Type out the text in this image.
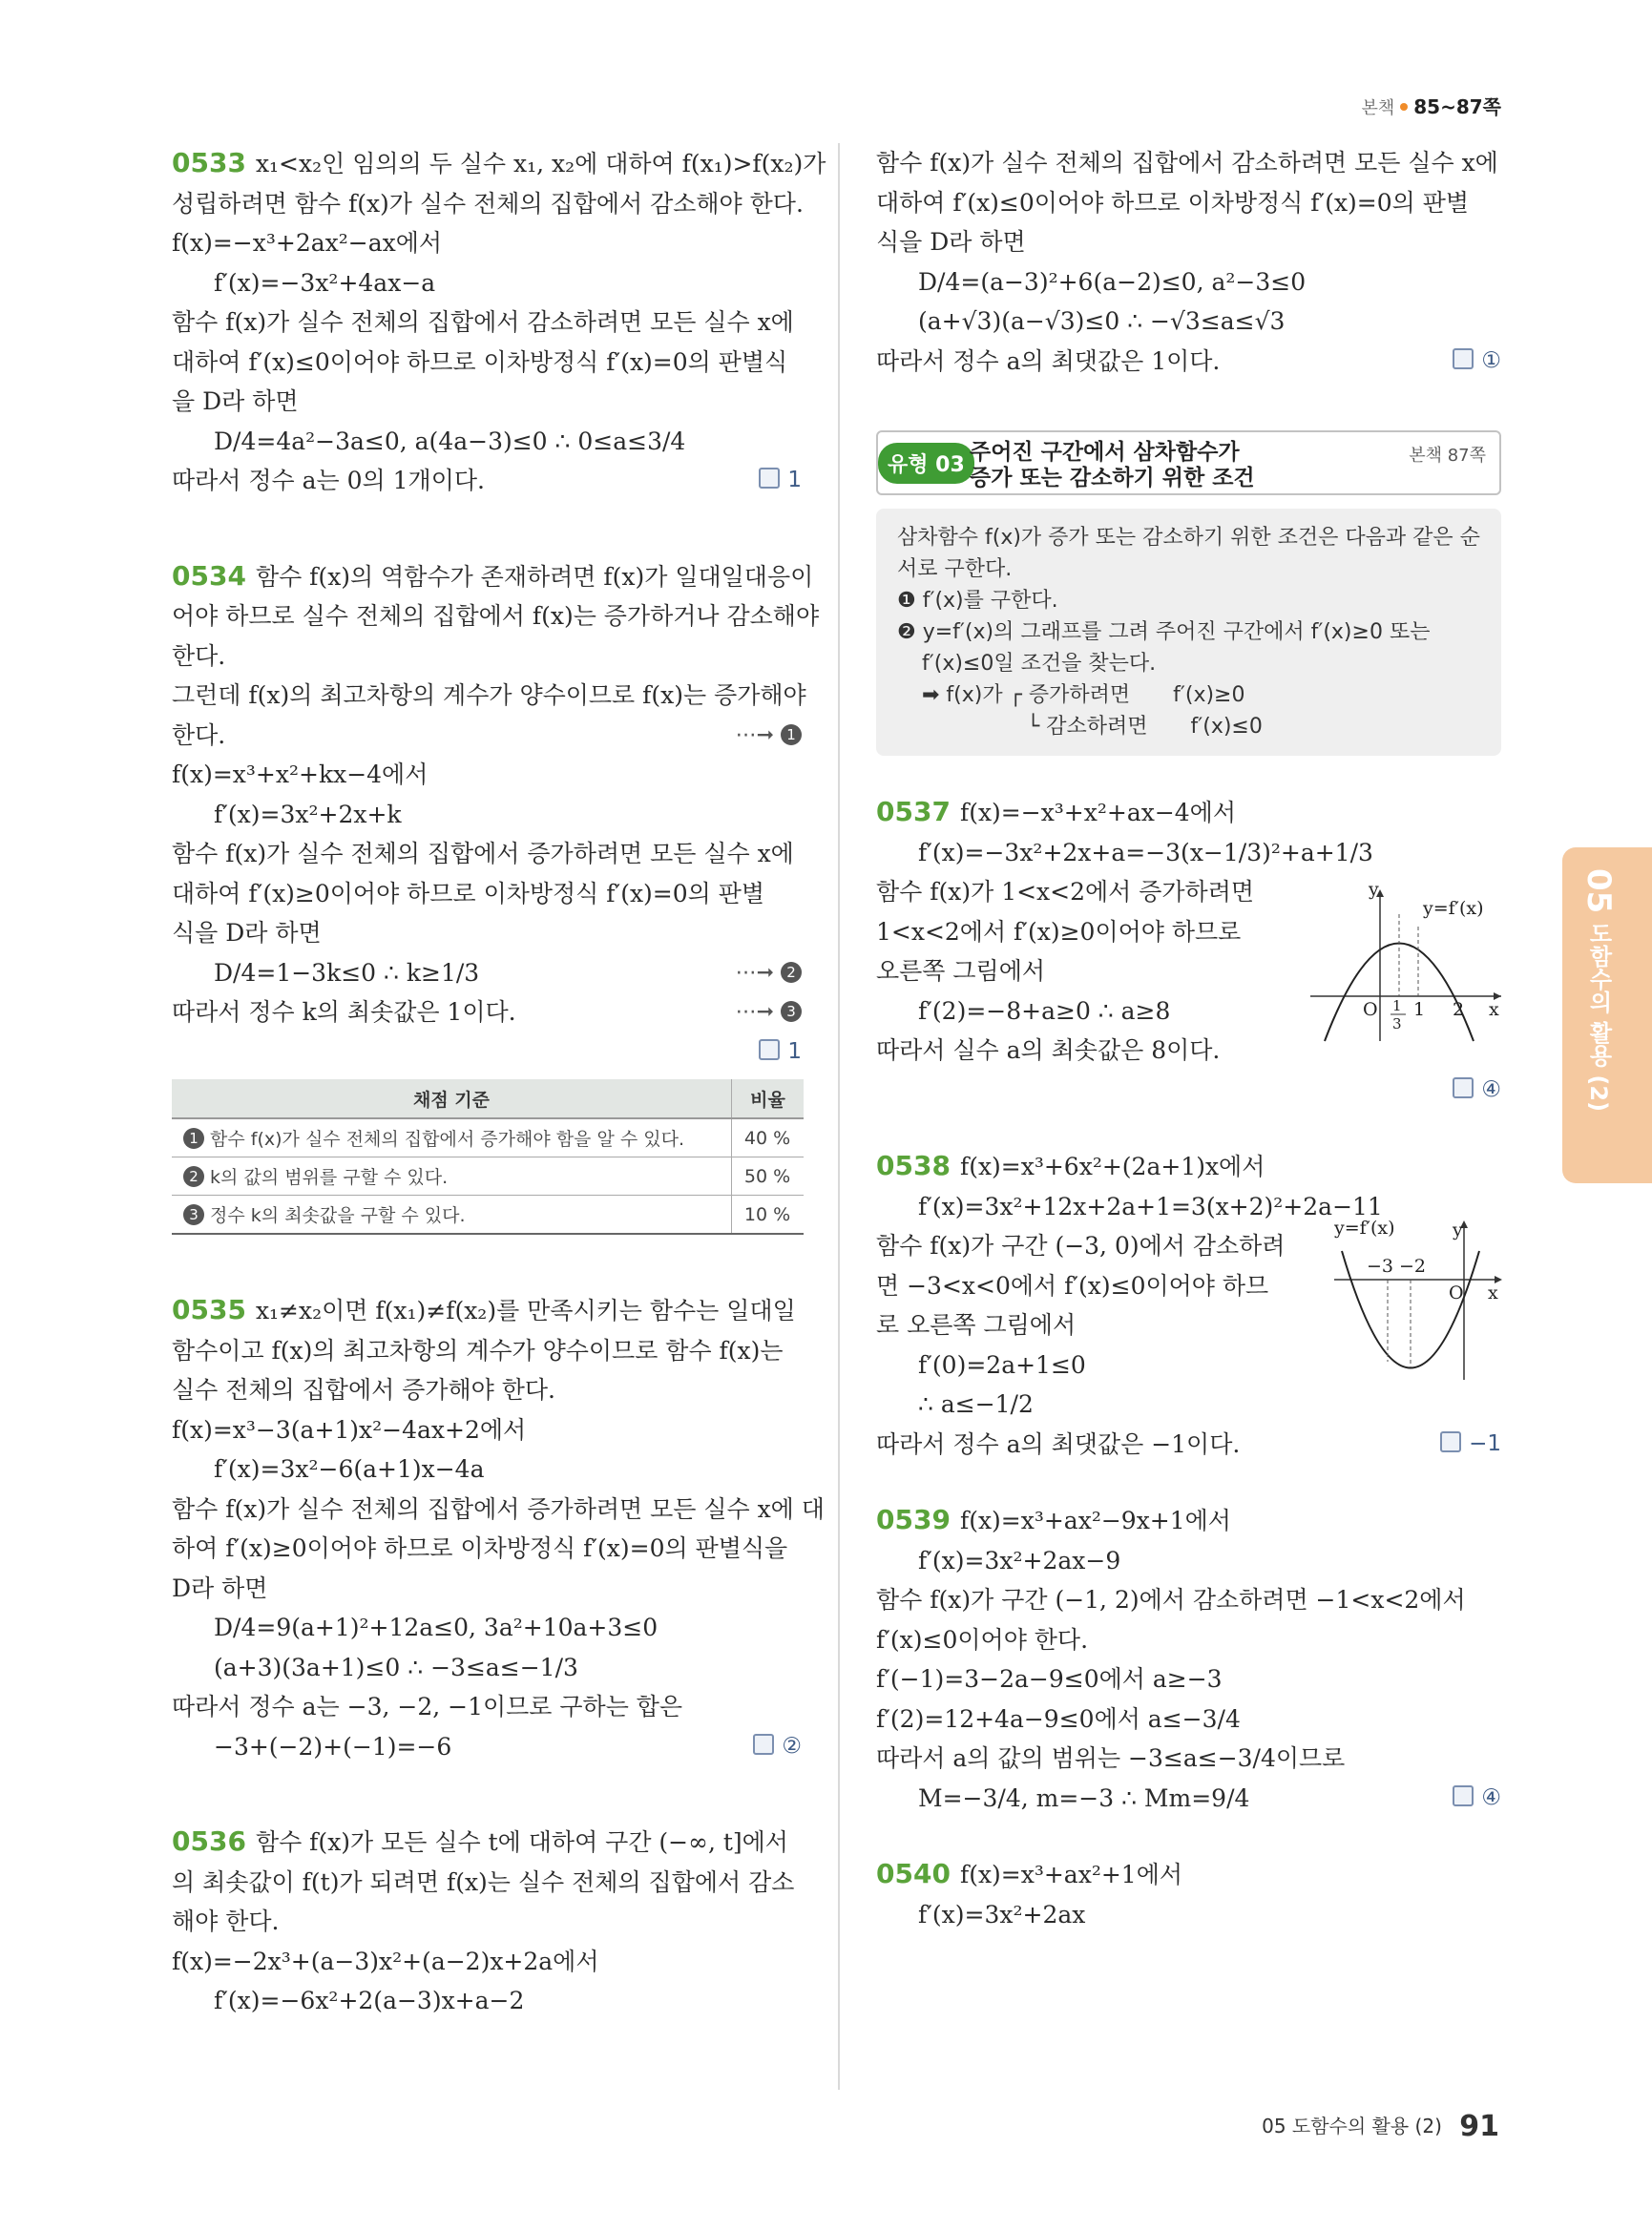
본책 85~87쪽

0533 x₁<x₂인 임의의 두 실수 x₁, x₂에 대하여 f(x₁)>f(x₂)가

성립하려면 함수 f(x)가 실수 전체의 집합에서 감소해야 한다.

f(x)=−x³+2ax²−ax에서

f′(x)=−3x²+4ax−a

함수 f(x)가 실수 전체의 집합에서 감소하려면 모든 실수 x에

대하여 f′(x)≤0이어야 하므로 이차방정식 f′(x)=0의 판별식

을 D라 하면

D/4=4a²−3a≤0, a(4a−3)≤0 ∴ 0≤a≤3/4

따라서 정수 a는 0의 1개이다.	1

0534 함수 f(x)의 역함수가 존재하려면 f(x)가 일대일대응이

어야 하므로 실수 전체의 집합에서 f(x)는 증가하거나 감소해야

한다.

그런데 f(x)의 최고차항의 계수가 양수이므로 f(x)는 증가해야

한다.	⋯➞ 1

f(x)=x³+x²+kx−4에서

f′(x)=3x²+2x+k

함수 f(x)가 실수 전체의 집합에서 증가하려면 모든 실수 x에

대하여 f′(x)≥0이어야 하므로 이차방정식 f′(x)=0의 판별

식을 D라 하면

D/4=1−3k≤0 ∴ k≥1/3	⋯➞ 2

따라서 정수 k의 최솟값은 1이다.	⋯➞ 3

1

채점 기준	비율
1 함수 f(x)가 실수 전체의 집합에서 증가해야 함을 알 수 있다.	40 %
2 k의 값의 범위를 구할 수 있다.	50 %
3 정수 k의 최솟값을 구할 수 있다.	10 %

0535 x₁≠x₂이면 f(x₁)≠f(x₂)를 만족시키는 함수는 일대일

함수이고 f(x)의 최고차항의 계수가 양수이므로 함수 f(x)는

실수 전체의 집합에서 증가해야 한다.

f(x)=x³−3(a+1)x²−4ax+2에서

f′(x)=3x²−6(a+1)x−4a

함수 f(x)가 실수 전체의 집합에서 증가하려면 모든 실수 x에 대

하여 f′(x)≥0이어야 하므로 이차방정식 f′(x)=0의 판별식을

D라 하면

D/4=9(a+1)²+12a≤0, 3a²+10a+3≤0

(a+3)(3a+1)≤0 ∴ −3≤a≤−1/3

따라서 정수 a는 −3, −2, −1이므로 구하는 합은

−3+(−2)+(−1)=−6	②

0536 함수 f(x)가 모든 실수 t에 대하여 구간 (−∞, t]에서

의 최솟값이 f(t)가 되려면 f(x)는 실수 전체의 집합에서 감소

해야 한다.

f(x)=−2x³+(a−3)x²+(a−2)x+2a에서

f′(x)=−6x²+2(a−3)x+a−2

함수 f(x)가 실수 전체의 집합에서 감소하려면 모든 실수 x에

대하여 f′(x)≤0이어야 하므로 이차방정식 f′(x)=0의 판별

식을 D라 하면

D/4=(a−3)²+6(a−2)≤0, a²−3≤0

(a+√3)(a−√3)≤0 ∴ −√3≤a≤√3

따라서 정수 a의 최댓값은 1이다.	①

유형 03
주어진 구간에서 삼차함수가
증가 또는 감소하기 위한 조건
본책 87쪽

삼차함수 f(x)가 증가 또는 감소하기 위한 조건은 다음과 같은 순

서로 구한다.

❶ f′(x)를 구한다.

❷ y=f′(x)의 그래프를 그려 주어진 구간에서 f′(x)≥0 또는

f′(x)≤0일 조건을 찾는다.

➡ f(x)가 ┌ 증가하려면 f′(x)≥0

└ 감소하려면 f′(x)≤0

0537 f(x)=−x³+x²+ax−4에서

f′(x)=−3x²+2x+a=−3(x−1/3)²+a+1/3

함수 f(x)가 1<x<2에서 증가하려면

1<x<2에서 f′(x)≥0이어야 하므로

오른쪽 그림에서

f′(2)=−8+a≥0 ∴ a≥8

따라서 실수 a의 최솟값은 8이다.

④

y
y=f′(x)
O 1
3
1 2 x

0538 f(x)=x³+6x²+(2a+1)x에서

f′(x)=3x²+12x+2a+1=3(x+2)²+2a−11

함수 f(x)가 구간 (−3, 0)에서 감소하려

면 −3<x<0에서 f′(x)≤0이어야 하므

로 오른쪽 그림에서

f′(0)=2a+1≤0

∴ a≤−1/2

따라서 정수 a의 최댓값은 −1이다.	−1

y=f′(x)	y
−3 −2
O x

0539 f(x)=x³+ax²−9x+1에서

f′(x)=3x²+2ax−9

함수 f(x)가 구간 (−1, 2)에서 감소하려면 −1<x<2에서

f′(x)≤0이어야 한다.

f′(−1)=3−2a−9≤0에서 a≥−3

f′(2)=12+4a−9≤0에서 a≤−3/4

따라서 a의 값의 범위는 −3≤a≤−3/4이므로

M=−3/4, m=−3 ∴ Mm=9/4	④

0540 f(x)=x³+ax²+1에서

f′(x)=3x²+2ax

05 도함수의 활용 (2)
05 도함수의 활용 (2) 91
